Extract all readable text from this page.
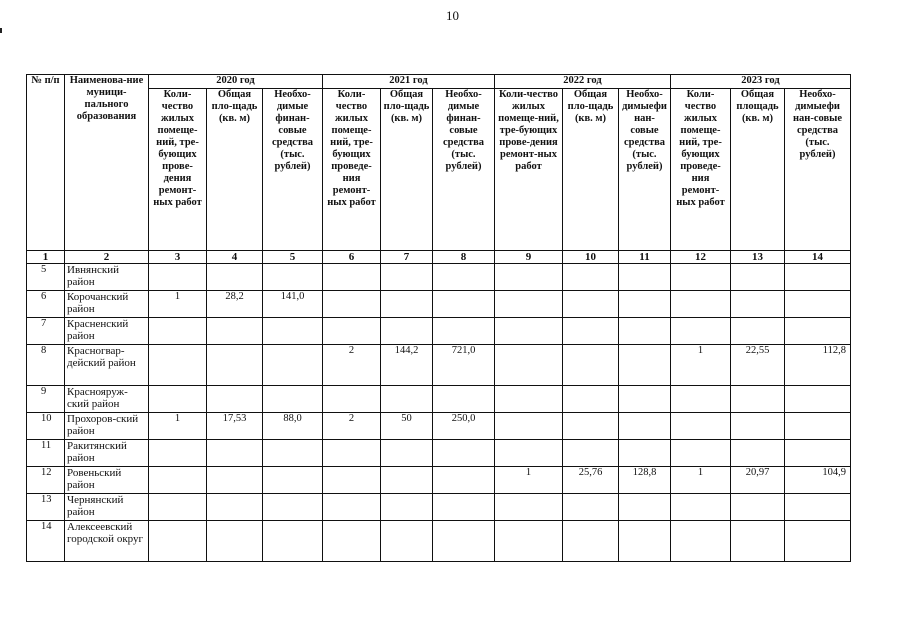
10
№ п/п	Наименова-ние муници-пального образования	2020 год			2021 год			2022 год			2023 год		
		Коли-чество жилых помеще-ний, тре-бующих прове-дения ремонт-ных работ	Общая пло-щадь (кв. м)	Необхо-димые финан-совые средства (тыс. рублей)	Коли-чество жилых помеще-ний, тре-бующих проведе-ния ремонт-ных работ	Общая пло-щадь (кв. м)	Необхо-димые финан-совые средства (тыс. рублей)	Коли-чество жилых помеще-ний, тре-бующих прове-дения ремонт-ных работ	Общая пло-щадь (кв. м)	Необхо-димыефи нан-совые средства (тыс. рублей)	Коли-чество жилых помеще-ний, тре-бующих проведе-ния ремонт-ных работ	Общая площадь (кв. м)	Необхо-димыефи нан-совые средства (тыс. рублей)
1	2	3	4	5	6	7	8	9	10	11	12	13	14
5	Ивнянский район												
6	Корочанский район	1	28,2	141,0									
7	Красненский район												
8	Красногвар-дейский район				2	144,2	721,0				1	22,55	112,8
9	Краснояруж-ский район												
10	Прохоров-ский район	1	17,53	88,0	2	50	250,0						
11	Ракитянский район												
12	Ровеньский район							1	25,76	128,8	1	20,97	104,9
13	Чернянский район												
14	Алексеевский городской округ												
